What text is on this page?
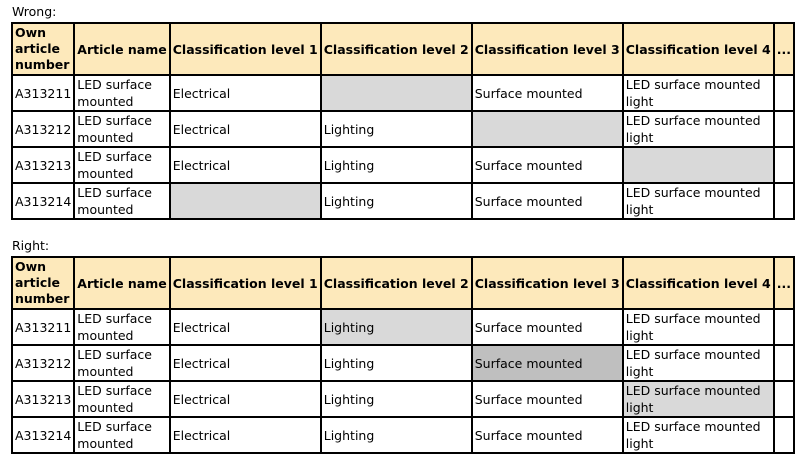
Wrong:
Own article number	Article name	Classification level 1	Classification level 2	Classification level 3	Classification level 4	...
A313211	LED surface mounted	Electrical		Surface mounted	LED surface mounted light	
A313212	LED surface mounted	Electrical	Lighting		LED surface mounted light	
A313213	LED surface mounted	Electrical	Lighting	Surface mounted		
A313214	LED surface mounted		Lighting	Surface mounted	LED surface mounted light	
Right:
Own article number	Article name	Classification level 1	Classification level 2	Classification level 3	Classification level 4	...
A313211	LED surface mounted	Electrical	Lighting	Surface mounted	LED surface mounted light	
A313212	LED surface mounted	Electrical	Lighting	Surface mounted	LED surface mounted light	
A313213	LED surface mounted	Electrical	Lighting	Surface mounted	LED surface mounted light	
A313214	LED surface mounted	Electrical	Lighting	Surface mounted	LED surface mounted light	
